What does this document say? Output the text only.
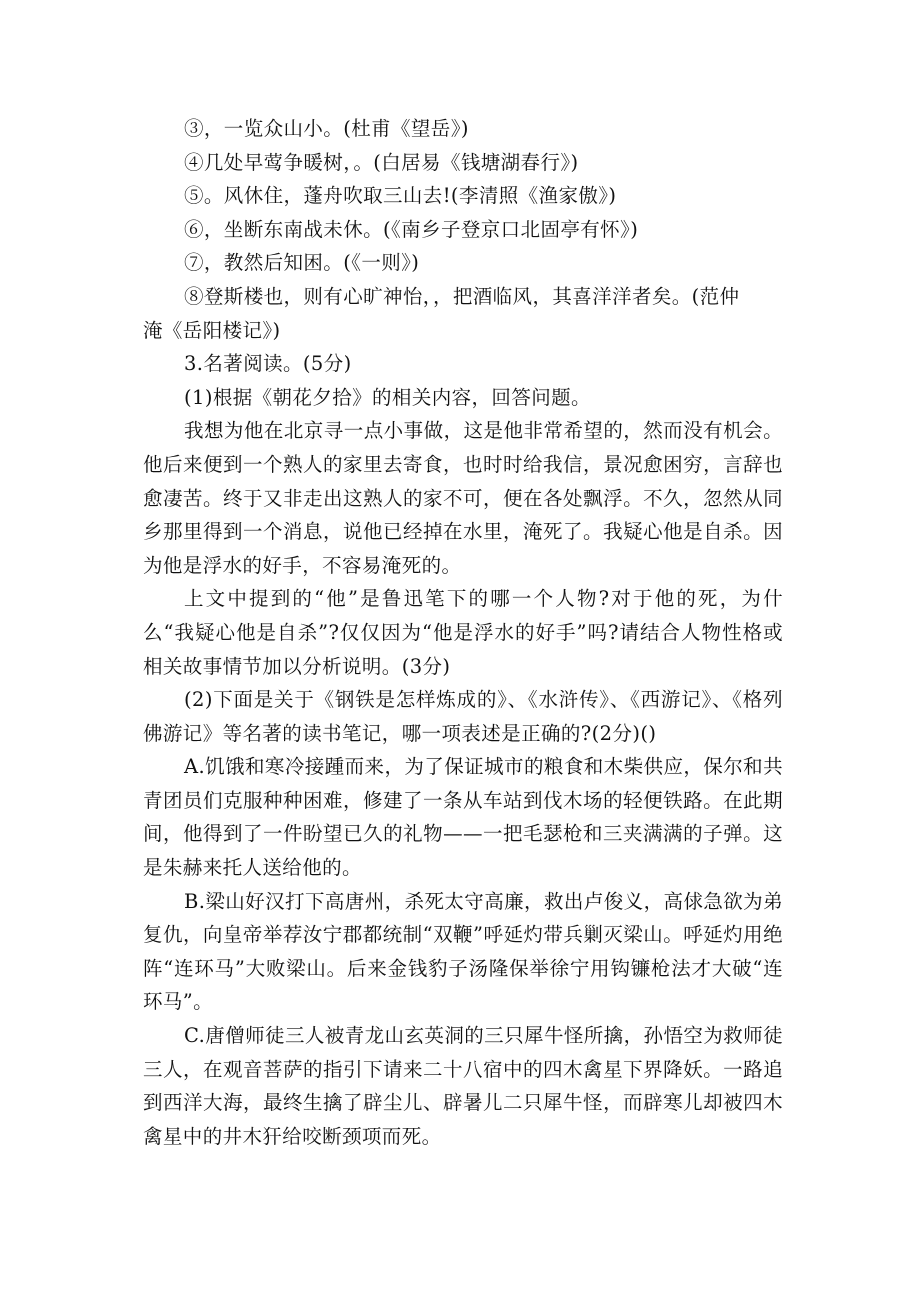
③，一览众山小。(杜甫《望岳》)
④几处早莺争暖树，。(白居易《钱塘湖春行》)
⑤。风休住，蓬舟吹取三山去!(李清照《渔家傲》)
⑥，坐断东南战未休。(《南乡子登京口北固亭有怀》)
⑦，教然后知困。(《一则》)
⑧登斯楼也，则有心旷神怡，，把酒临风，其喜洋洋者矣。(范仲
淹《岳阳楼记》)
3.名著阅读。(5分)
(1)根据《朝花夕拾》的相关内容，回答问题。
我想为他在北京寻一点小事做，这是他非常希望的，然而没有机会。他后来便到一个熟人的家里去寄食，也时时给我信，景况愈困穷，言辞也愈凄苦。终于又非走出这熟人的家不可，便在各处飘浮。不久，忽然从同乡那里得到一个消息，说他已经掉在水里，淹死了。我疑心他是自杀。因为他是浮水的好手，不容易淹死的。
上文中提到的“他”是鲁迅笔下的哪一个人物?对于他的死，为什么“我疑心他是自杀”?仅仅因为“他是浮水的好手”吗?请结合人物性格或相关故事情节加以分析说明。(3分)
(2)下面是关于《钢铁是怎样炼成的》、《水浒传》、《西游记》、《格列佛游记》等名著的读书笔记，哪一项表述是正确的?(2分)()
A.饥饿和寒冷接踵而来，为了保证城市的粮食和木柴供应，保尔和共青团员们克服种种困难，修建了一条从车站到伐木场的轻便铁路。在此期间，他得到了一件盼望已久的礼物——一把毛瑟枪和三夹满满的子弹。这是朱赫来托人送给他的。
B.梁山好汉打下高唐州，杀死太守高廉，救出卢俊义，高俅急欲为弟复仇，向皇帝举荐汝宁郡都统制“双鞭”呼延灼带兵剿灭梁山。呼延灼用绝阵“连环马”大败梁山。后来金钱豹子汤隆保举徐宁用钩镰枪法才大破“连环马”。
C.唐僧师徒三人被青龙山玄英洞的三只犀牛怪所擒，孙悟空为救师徒三人，在观音菩萨的指引下请来二十八宿中的四木禽星下界降妖。一路追到西洋大海，最终生擒了辟尘儿、辟暑儿二只犀牛怪，而辟寒儿却被四木禽星中的井木犴给咬断颈项而死。
